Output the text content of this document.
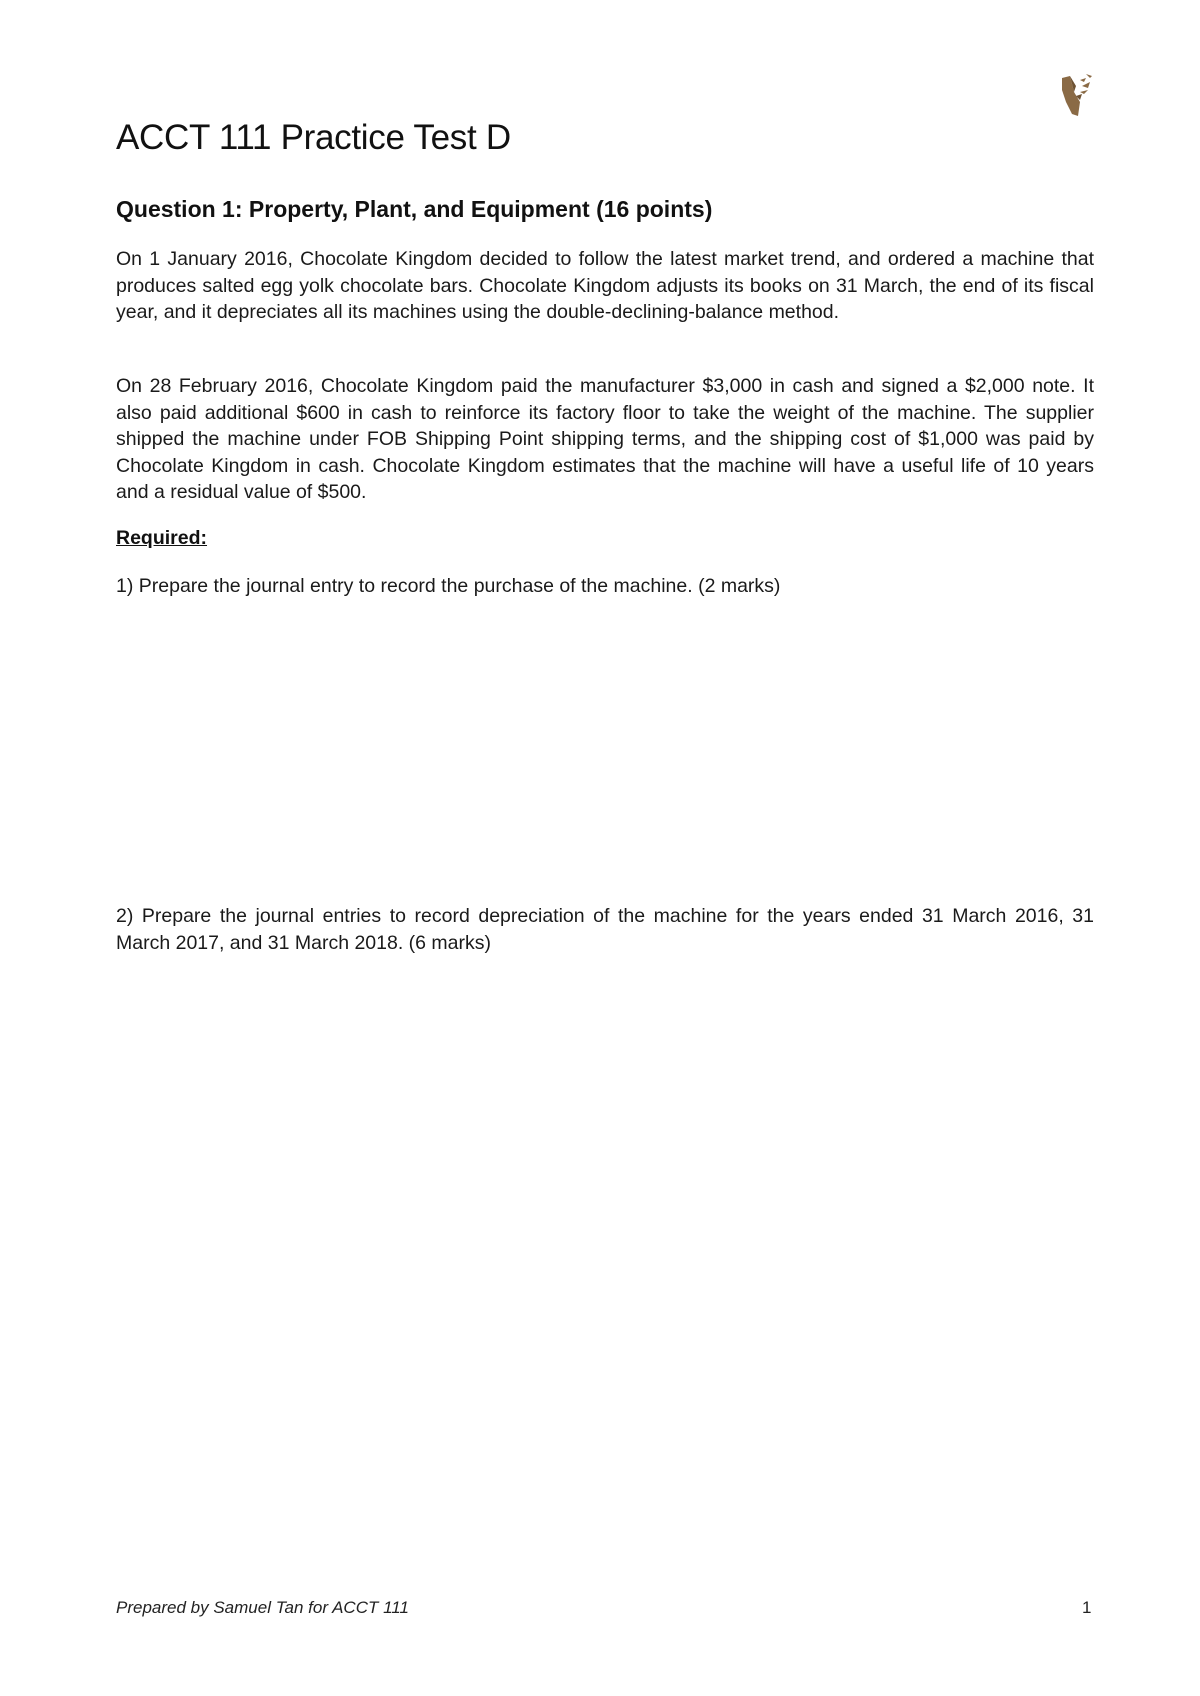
ACCT 111 Practice Test D
Question 1: Property, Plant, and Equipment (16 points)

On 1 January 2016, Chocolate Kingdom decided to follow the latest market trend, and ordered a machine that produces salted egg yolk chocolate bars. Chocolate Kingdom adjusts its books on 31 March, the end of its fiscal year, and it depreciates all its machines using the double-declining-balance method.

On 28 February 2016, Chocolate Kingdom paid the manufacturer $3,000 in cash and signed a $2,000 note. It also paid additional $600 in cash to reinforce its factory floor to take the weight of the machine. The supplier shipped the machine under FOB Shipping Point shipping terms, and the shipping cost of $1,000 was paid by Chocolate Kingdom in cash. Chocolate Kingdom estimates that the machine will have a useful life of 10 years and a residual value of $500.

Required:

1) Prepare the journal entry to record the purchase of the machine. (2 marks)

2) Prepare the journal entries to record depreciation of the machine for the years ended 31 March 2016, 31 March 2017, and 31 March 2018. (6 marks)

Prepared by Samuel Tan for ACCT 111	1
